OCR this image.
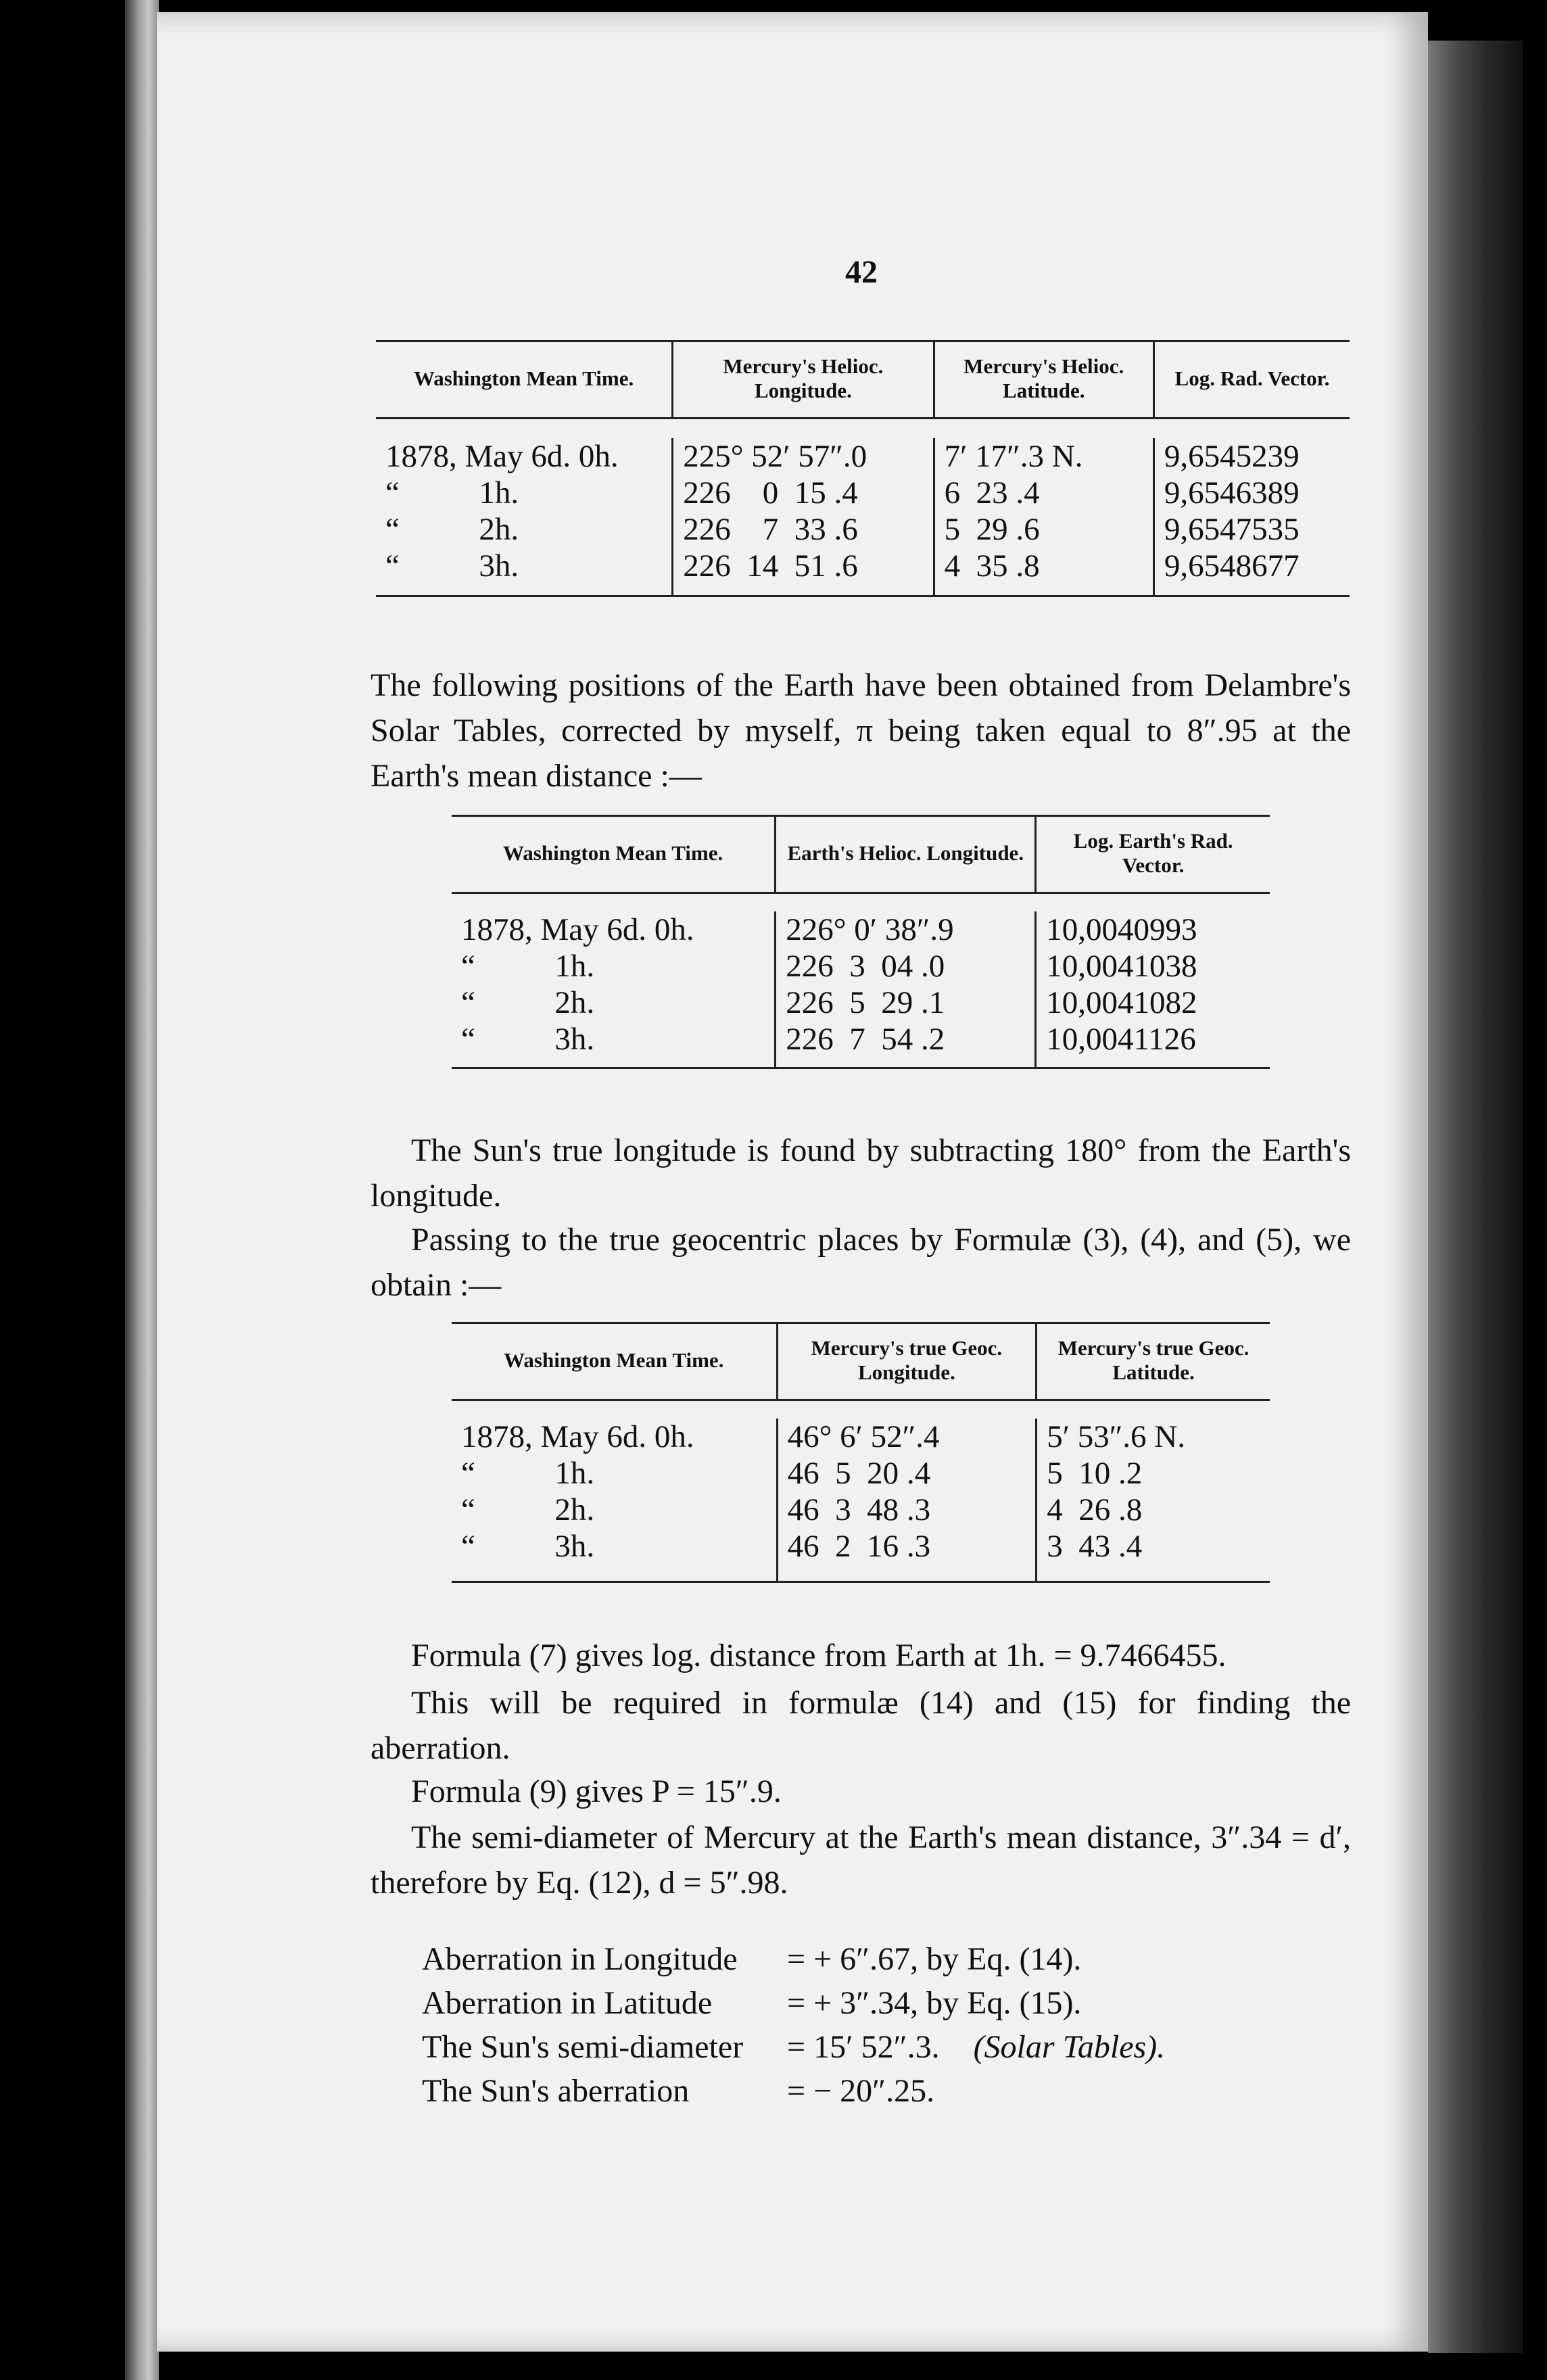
42
Washington Mean Time.	Mercury's Helioc. Longitude.	Mercury's Helioc. Latitude.	Log. Rad. Vector.

1878, May 6d. 0h.	225° 52′ 57″.0	7′ 17″.3 N.	9,6545239
“          1h.	226    0  15 .4	6  23 .4	9,6546389
“          2h.	226    7  33 .6	5  29 .6	9,6547535
“          3h.	226  14  51 .6	4  35 .8	9,6548677

The following positions of the Earth have been obtained from Delambre's Solar Tables, corrected by myself, π being taken equal to 8″.95 at the Earth's mean distance :—

Washington Mean Time.	Earth's Helioc. Longitude.	Log. Earth's Rad. Vector.

1878, May 6d. 0h.	226° 0′ 38″.9	10,0040993
“          1h.	226  3  04 .0	10,0041038
“          2h.	226  5  29 .1	10,0041082
“          3h.	226  7  54 .2	10,0041126

The Sun's true longitude is found by subtracting 180° from the Earth's longitude.

Passing to the true geocentric places by Formulæ (3), (4), and (5), we obtain :—

Washington Mean Time.	Mercury's true Geoc. Longitude.	Mercury's true Geoc. Latitude.

1878, May 6d. 0h.	46° 6′ 52″.4	5′ 53″.6 N.
“          1h.	46  5  20 .4	5  10 .2
“          2h.	46  3  48 .3	4  26 .8
“          3h.	46  2  16 .3	3  43 .4

Formula (7) gives log. distance from Earth at 1h. = 9.7466455.

This will be required in formulæ (14) and (15) for finding the aberration.

Formula (9) gives P = 15″.9.

The semi-diameter of Mercury at the Earth's mean distance, 3″.34 = d′, therefore by Eq. (12), d = 5″.98.

Aberration in Longitude = + 6″.67, by Eq. (14).

Aberration in Latitude = + 3″.34, by Eq. (15).

The Sun's semi-diameter = 15′ 52″.3. (Solar Tables).

The Sun's aberration	= − 20″.25.
